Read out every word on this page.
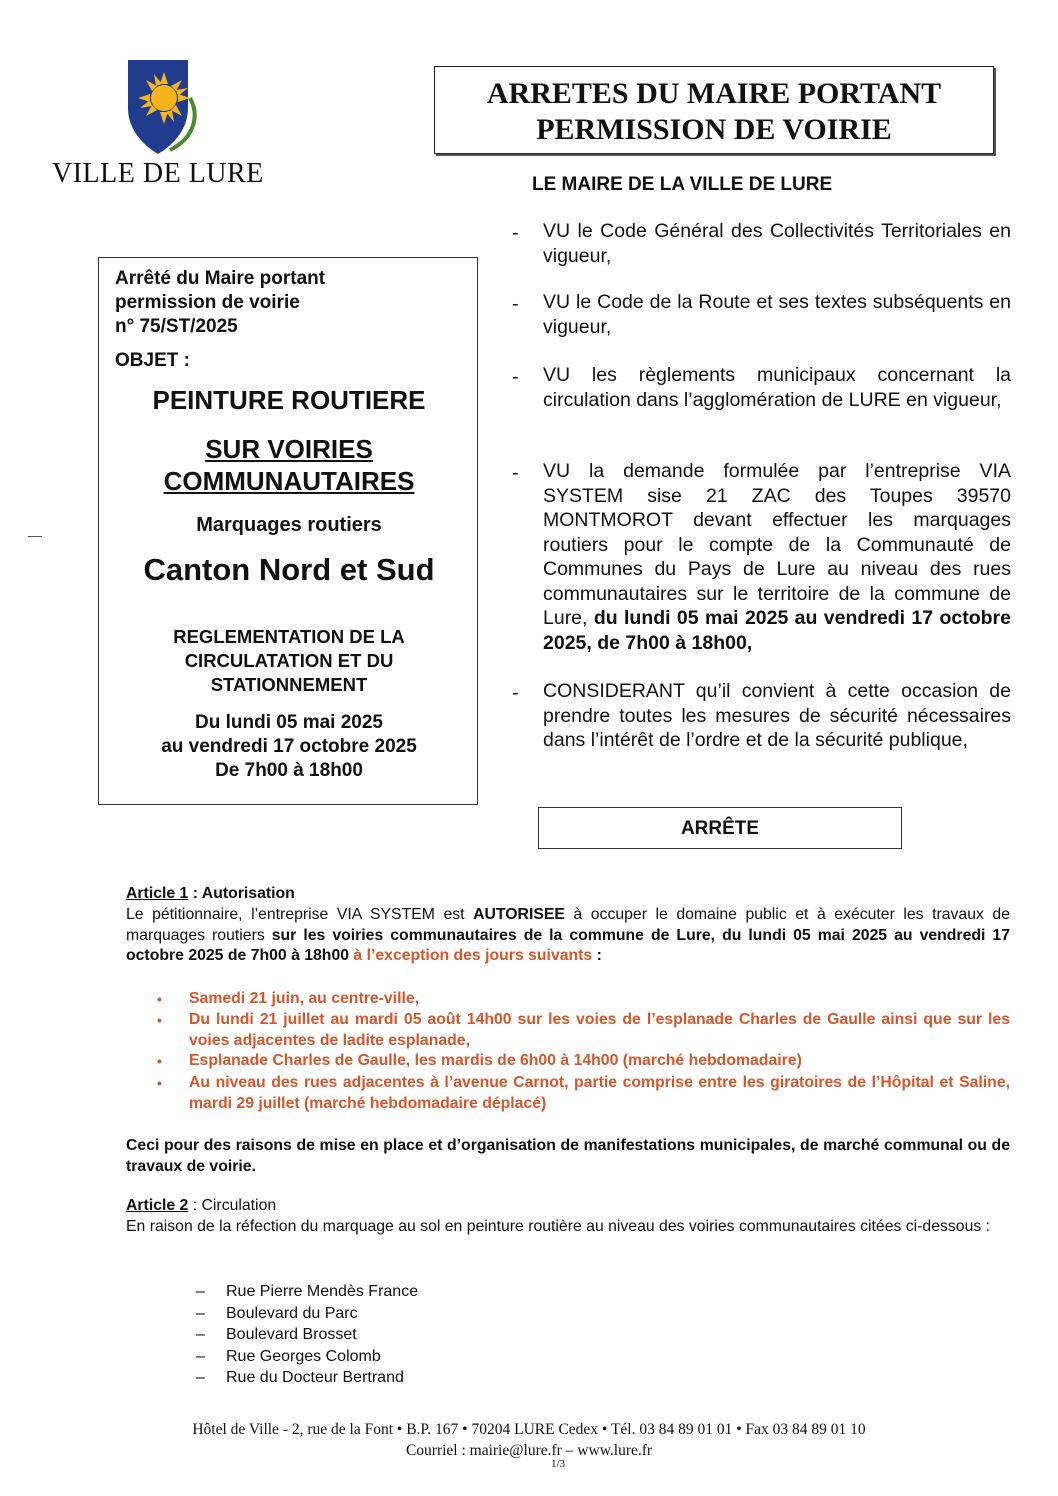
VILLE DE LURE
ARRETES DU MAIRE PORTANT
PERMISSION DE VOIRIE
LE MAIRE DE LA VILLE DE LURE
Arrêté du Maire portant
permission de voirie
n° 75/ST/2025
OBJET :
PEINTURE ROUTIERE
SUR VOIRIES
COMMUNAUTAIRES
Marquages routiers
Canton Nord et Sud
REGLEMENTATION DE LA
CIRCULATATION ET DU
STATIONNEMENT
Du lundi 05 mai 2025
au vendredi 17 octobre 2025
De 7h00 à 18h00
- VU le Code Général des Collectivités Territoriales en vigueur,
- VU le Code de la Route et ses textes subséquents en vigueur,
- VU les règlements municipaux concernant la circulation dans l’agglomération de LURE en vigueur,
- VU la demande formulée par l’entreprise VIA SYSTEM sise 21 ZAC des Toupes 39570 MONTMOROT devant effectuer les marquages routiers pour le compte de la Communauté de Communes du Pays de Lure au niveau des rues communautaires sur le territoire de la commune de Lure, du lundi 05 mai 2025 au vendredi 17 octobre 2025, de 7h00 à 18h00,
- CONSIDERANT qu’il convient à cette occasion de prendre toutes les mesures de sécurité nécessaires dans l’intérêt de l’ordre et de la sécurité publique,
ARRÊTE
Article 1 : Autorisation
Le pétitionnaire, l’entreprise VIA SYSTEM est AUTORISEE à occuper le domaine public et à exécuter les travaux de marquages routiers sur les voiries communautaires de la commune de Lure, du lundi 05 mai 2025 au vendredi 17 octobre 2025 de 7h00 à 18h00 à l’exception des jours suivants :
• Samedi 21 juin, au centre-ville,
• Du lundi 21 juillet au mardi 05 août 14h00 sur les voies de l’esplanade Charles de Gaulle ainsi que sur les voies adjacentes de ladite esplanade,
• Esplanade Charles de Gaulle, les mardis de 6h00 à 14h00 (marché hebdomadaire)
• Au niveau des rues adjacentes à l’avenue Carnot, partie comprise entre les giratoires de l’Hôpital et Saline, mardi 29 juillet (marché hebdomadaire déplacé)
Ceci pour des raisons de mise en place et d’organisation de manifestations municipales, de marché communal ou de travaux de voirie.
Article 2 : Circulation
En raison de la réfection du marquage au sol en peinture routière au niveau des voiries communautaires citées ci-dessous :
–	Rue Pierre Mendès France
–	Boulevard du Parc
–	Boulevard Brosset
–	Rue Georges Colomb
–	Rue du Docteur Bertrand
Hôtel de Ville - 2, rue de la Font • B.P. 167 • 70204 LURE Cedex • Tél. 03 84 89 01 01 • Fax 03 84 89 01 10
Courriel : mairie@lure.fr – www.lure.fr
1/3
